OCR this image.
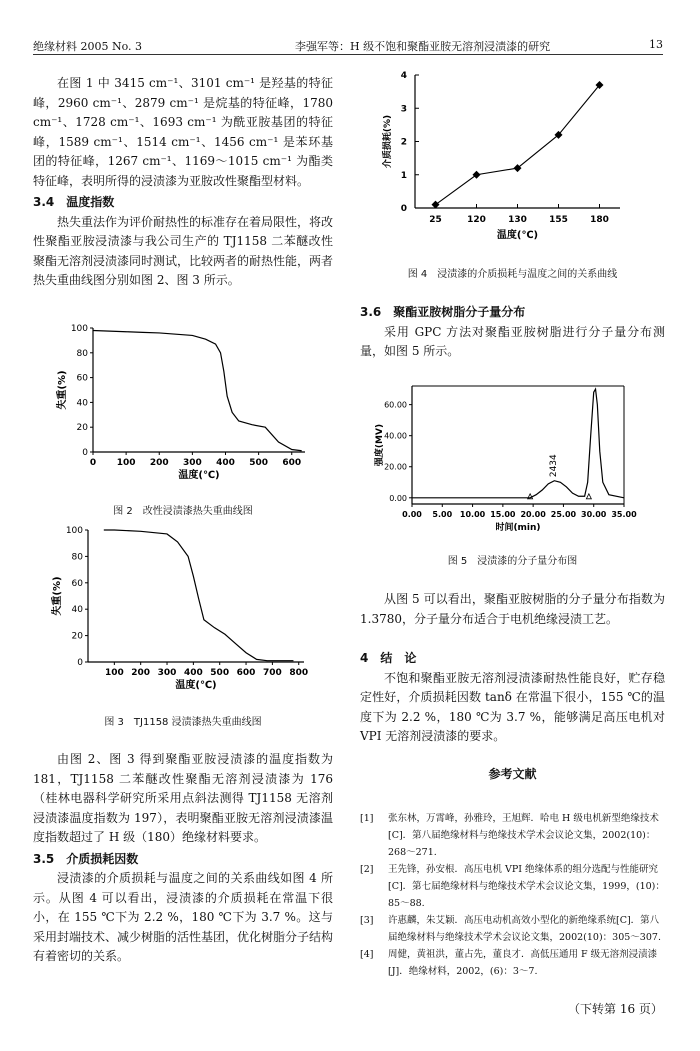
绝缘材料 2005 No. 3	李强军等：H 级不饱和聚酯亚胺无溶剂浸渍漆的研究	13

在图 1 中 3415 cm⁻¹、3101 cm⁻¹ 是羟基的特征峰，2960 cm⁻¹、2879 cm⁻¹ 是烷基的特征峰，1780 cm⁻¹、1728 cm⁻¹、1693 cm⁻¹ 为酰亚胺基团的特征峰，1589 cm⁻¹、1514 cm⁻¹、1456 cm⁻¹ 是苯环基团的特征峰，1267 cm⁻¹、1169～1015 cm⁻¹ 为酯类特征峰，表明所得的浸渍漆为亚胺改性聚酯型材料。

3.4　温度指数

热失重法作为评价耐热性的标准存在着局限性，将改性聚酯亚胺浸渍漆与我公司生产的 TJ1158 二苯醚改性聚酯无溶剂浸渍漆同时测试，比较两者的耐热性能，两者热失重曲线图分别如图 2、图 3 所示。

0
20
40
60
80
100
0 100 200 300 400 500 600
温度(℃)
失重(%)
图 2　改性浸渍漆热失重曲线图
0
20
40
60
80
100
100 200 300 400 500 600 700 800
温度(℃)
失重(%)
图 3　TJ1158 浸渍漆热失重曲线图

由图 2、图 3 得到聚酯亚胺浸渍漆的温度指数为 181，TJ1158 二苯醚改性聚酯无溶剂浸渍漆为 176（桂林电器科学研究所采用点斜法测得 TJ1158 无溶剂浸渍漆温度指数为 197），表明聚酯亚胺无溶剂浸渍漆温度指数超过了 H 级（180）绝缘材料要求。

3.5　介质损耗因数

浸渍漆的介质损耗与温度之间的关系曲线如图 4 所示。从图 4 可以看出，浸渍漆的介质损耗在常温下很小，在 155 ℃下为 2.2 %，180 ℃下为 3.7 %。这与采用封端技术、减少树脂的活性基团，优化树脂分子结构有着密切的关系。

0
1
2
3
4
25	120 130 155 180
温度(℃)
介质损耗(%)
图 4　浸渍漆的介质损耗与温度之间的关系曲线
3.6　聚酯亚胺树脂分子量分布

采用 GPC 方法对聚酯亚胺树脂进行分子量分布测量，如图 5 所示。

0.00
20.00
40.00
60.00
0.00 5.00 10.00 15.00 20.00 25.00 30.00 35.00
时间(min)
强度(MV)	2434
图 5　浸渍漆的分子量分布图

从图 5 可以看出，聚酯亚胺树脂的分子量分布指数为 1.3780，分子量分布适合于电机绝缘浸渍工艺。

4　结　论

不饱和聚酯亚胺无溶剂浸渍漆耐热性能良好，贮存稳定性好，介质损耗因数 tanδ 在常温下很小，155 ℃的温度下为 2.2 %，180 ℃为 3.7 %，能够满足高压电机对 VPI 无溶剂浸渍漆的要求。

参考文献
[1] 张东林，万霄峰，孙雅玲，王旭辉．哈电 H 级电机新型绝缘技术[C]．第八届绝缘材料与绝缘技术学术会议论文集，2002(10)：268～271.
[2] 王先锋，孙安根．高压电机 VPI 绝缘体系的组分选配与性能研究[C]．第七届绝缘材料与绝缘技术学术会议论文集，1999，(10)：85～88.
[3] 许惠麟，朱艾颖．高压电动机高效小型化的新绝缘系统[C]．第八届绝缘材料与绝缘技术学术会议论文集，2002(10)：305～307.
[4] 周健，黄祖洪，董占先，董良才．高低压通用 F 级无溶剂浸渍漆[J]．绝缘材料，2002，(6)：3～7.
（下转第 16 页）
